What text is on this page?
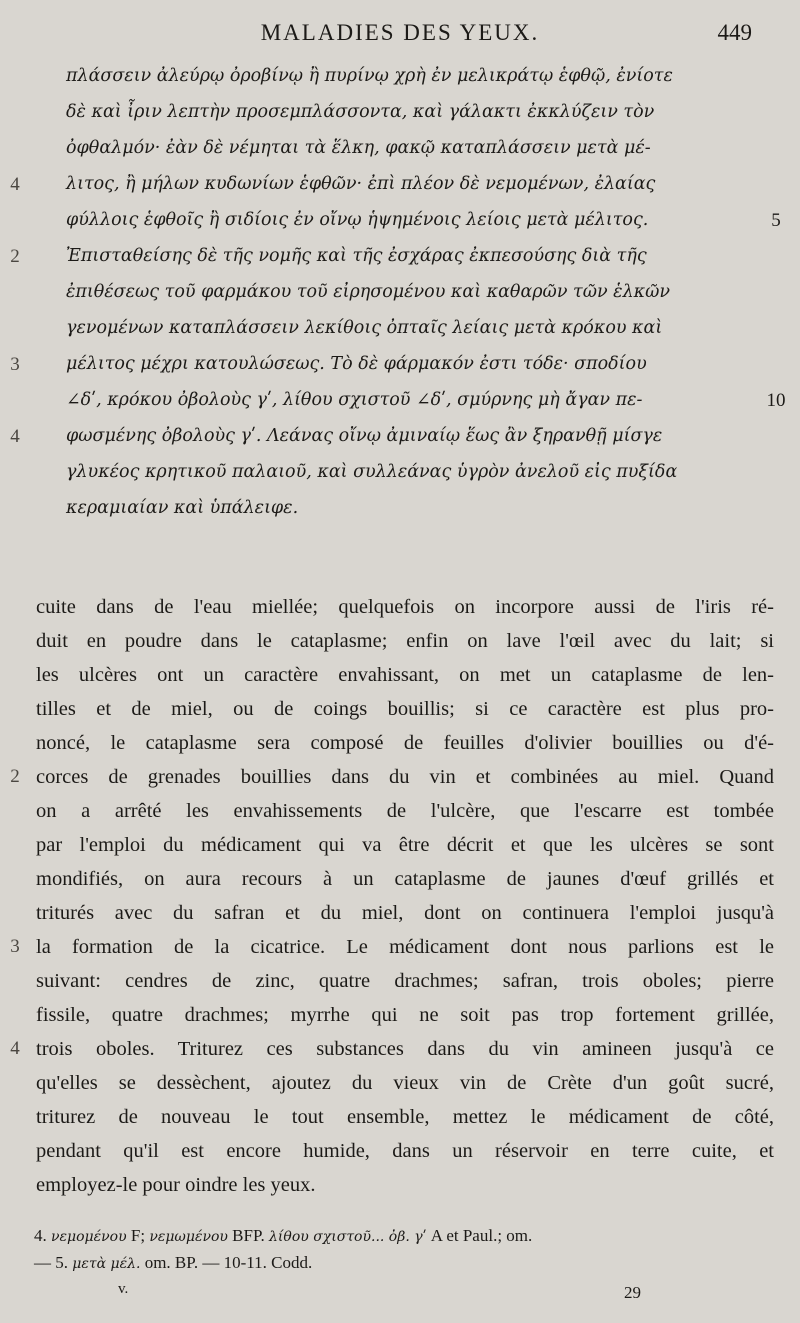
MALADIES DES YEUX.	449
πλάσσειν ἀλεύρῳ ὀροβίνῳ ἢ πυρίνῳ χρὴ ἐν μελικράτῳ ἑφθῷ, ἐνίοτε
δὲ καὶ ἶριν λεπτὴν προσεμπλάσσοντα, καὶ γάλακτι ἐκκλύζειν τὸν
ὀφθαλμόν· ἐὰν δὲ νέμηται τὰ ἕλκη, φακῷ καταπλάσσειν μετὰ μέ-
λιτος, ἢ μήλων κυδωνίων ἑφθῶν· ἐπὶ πλέον δὲ νεμομένων, ἐλαίας
φύλλοις ἑφθοῖς ἢ σιδίοις ἐν οἴνῳ ἡψημένοις λείοις μετὰ μέλιτος.
Ἐπισταθείσης δὲ τῆς νομῆς καὶ τῆς ἐσχάρας ἐκπεσούσης διὰ τῆς
ἐπιθέσεως τοῦ φαρμάκου τοῦ εἰρησομένου καὶ καθαρῶν τῶν ἑλκῶν
γενομένων καταπλάσσειν λεκίθοις ὀπταῖς λείαις μετὰ κρόκου καὶ
μέλιτος μέχρι κατουλώσεως. Τὸ δὲ φάρμακόν ἐστι τόδε· σποδίου
∠δʹ, κρόκου ὀβολοὺς γʹ, λίθου σχιστοῦ ∠δʹ, σμύρνης μὴ ἄγαν πε-
φωσμένης ὀβολοὺς γʹ. Λεάνας οἴνῳ ἀμιναίῳ ἕως ἂν ξηρανθῇ μίσγε
γλυκέος κρητικοῦ παλαιοῦ, καὶ συλλεάνας ὑγρὸν ἀνελοῦ εἰς πυξίδα
κεραμιαίαν καὶ ὑπάλειφε.
4
2
3
4
5
10
cuite dans de l'eau miellée; quelquefois on incorpore aussi de l'iris ré-
duit en poudre dans le cataplasme; enfin on lave l'œil avec du lait; si
les ulcères ont un caractère envahissant, on met un cataplasme de len-
tilles et de miel, ou de coings bouillis; si ce caractère est plus pro-
noncé, le cataplasme sera composé de feuilles d'olivier bouillies ou d'é-
corces de grenades bouillies dans du vin et combinées au miel. Quand
on a arrêté les envahissements de l'ulcère, que l'escarre est tombée
par l'emploi du médicament qui va être décrit et que les ulcères se sont
mondifiés, on aura recours à un cataplasme de jaunes d'œuf grillés et
triturés avec du safran et du miel, dont on continuera l'emploi jusqu'à
la formation de la cicatrice. Le médicament dont nous parlions est le
suivant: cendres de zinc, quatre drachmes; safran, trois oboles; pierre
fissile, quatre drachmes; myrrhe qui ne soit pas trop fortement grillée,
trois oboles. Triturez ces substances dans du vin amineen jusqu'à ce
qu'elles se dessèchent, ajoutez du vieux vin de Crète d'un goût sucré,
triturez de nouveau le tout ensemble, mettez le médicament de côté,
pendant qu'il est encore humide, dans un réservoir en terre cuite, et
employez-le pour oindre les yeux.
2
3
4
4. νεμομένου F; νεμωμένου BFP. λίθου σχιστοῦ... ὀβ. γʹ A et Paul.; om.
— 5. μετὰ μέλ. om. BP. — 10-11. Codd.
v.	29
